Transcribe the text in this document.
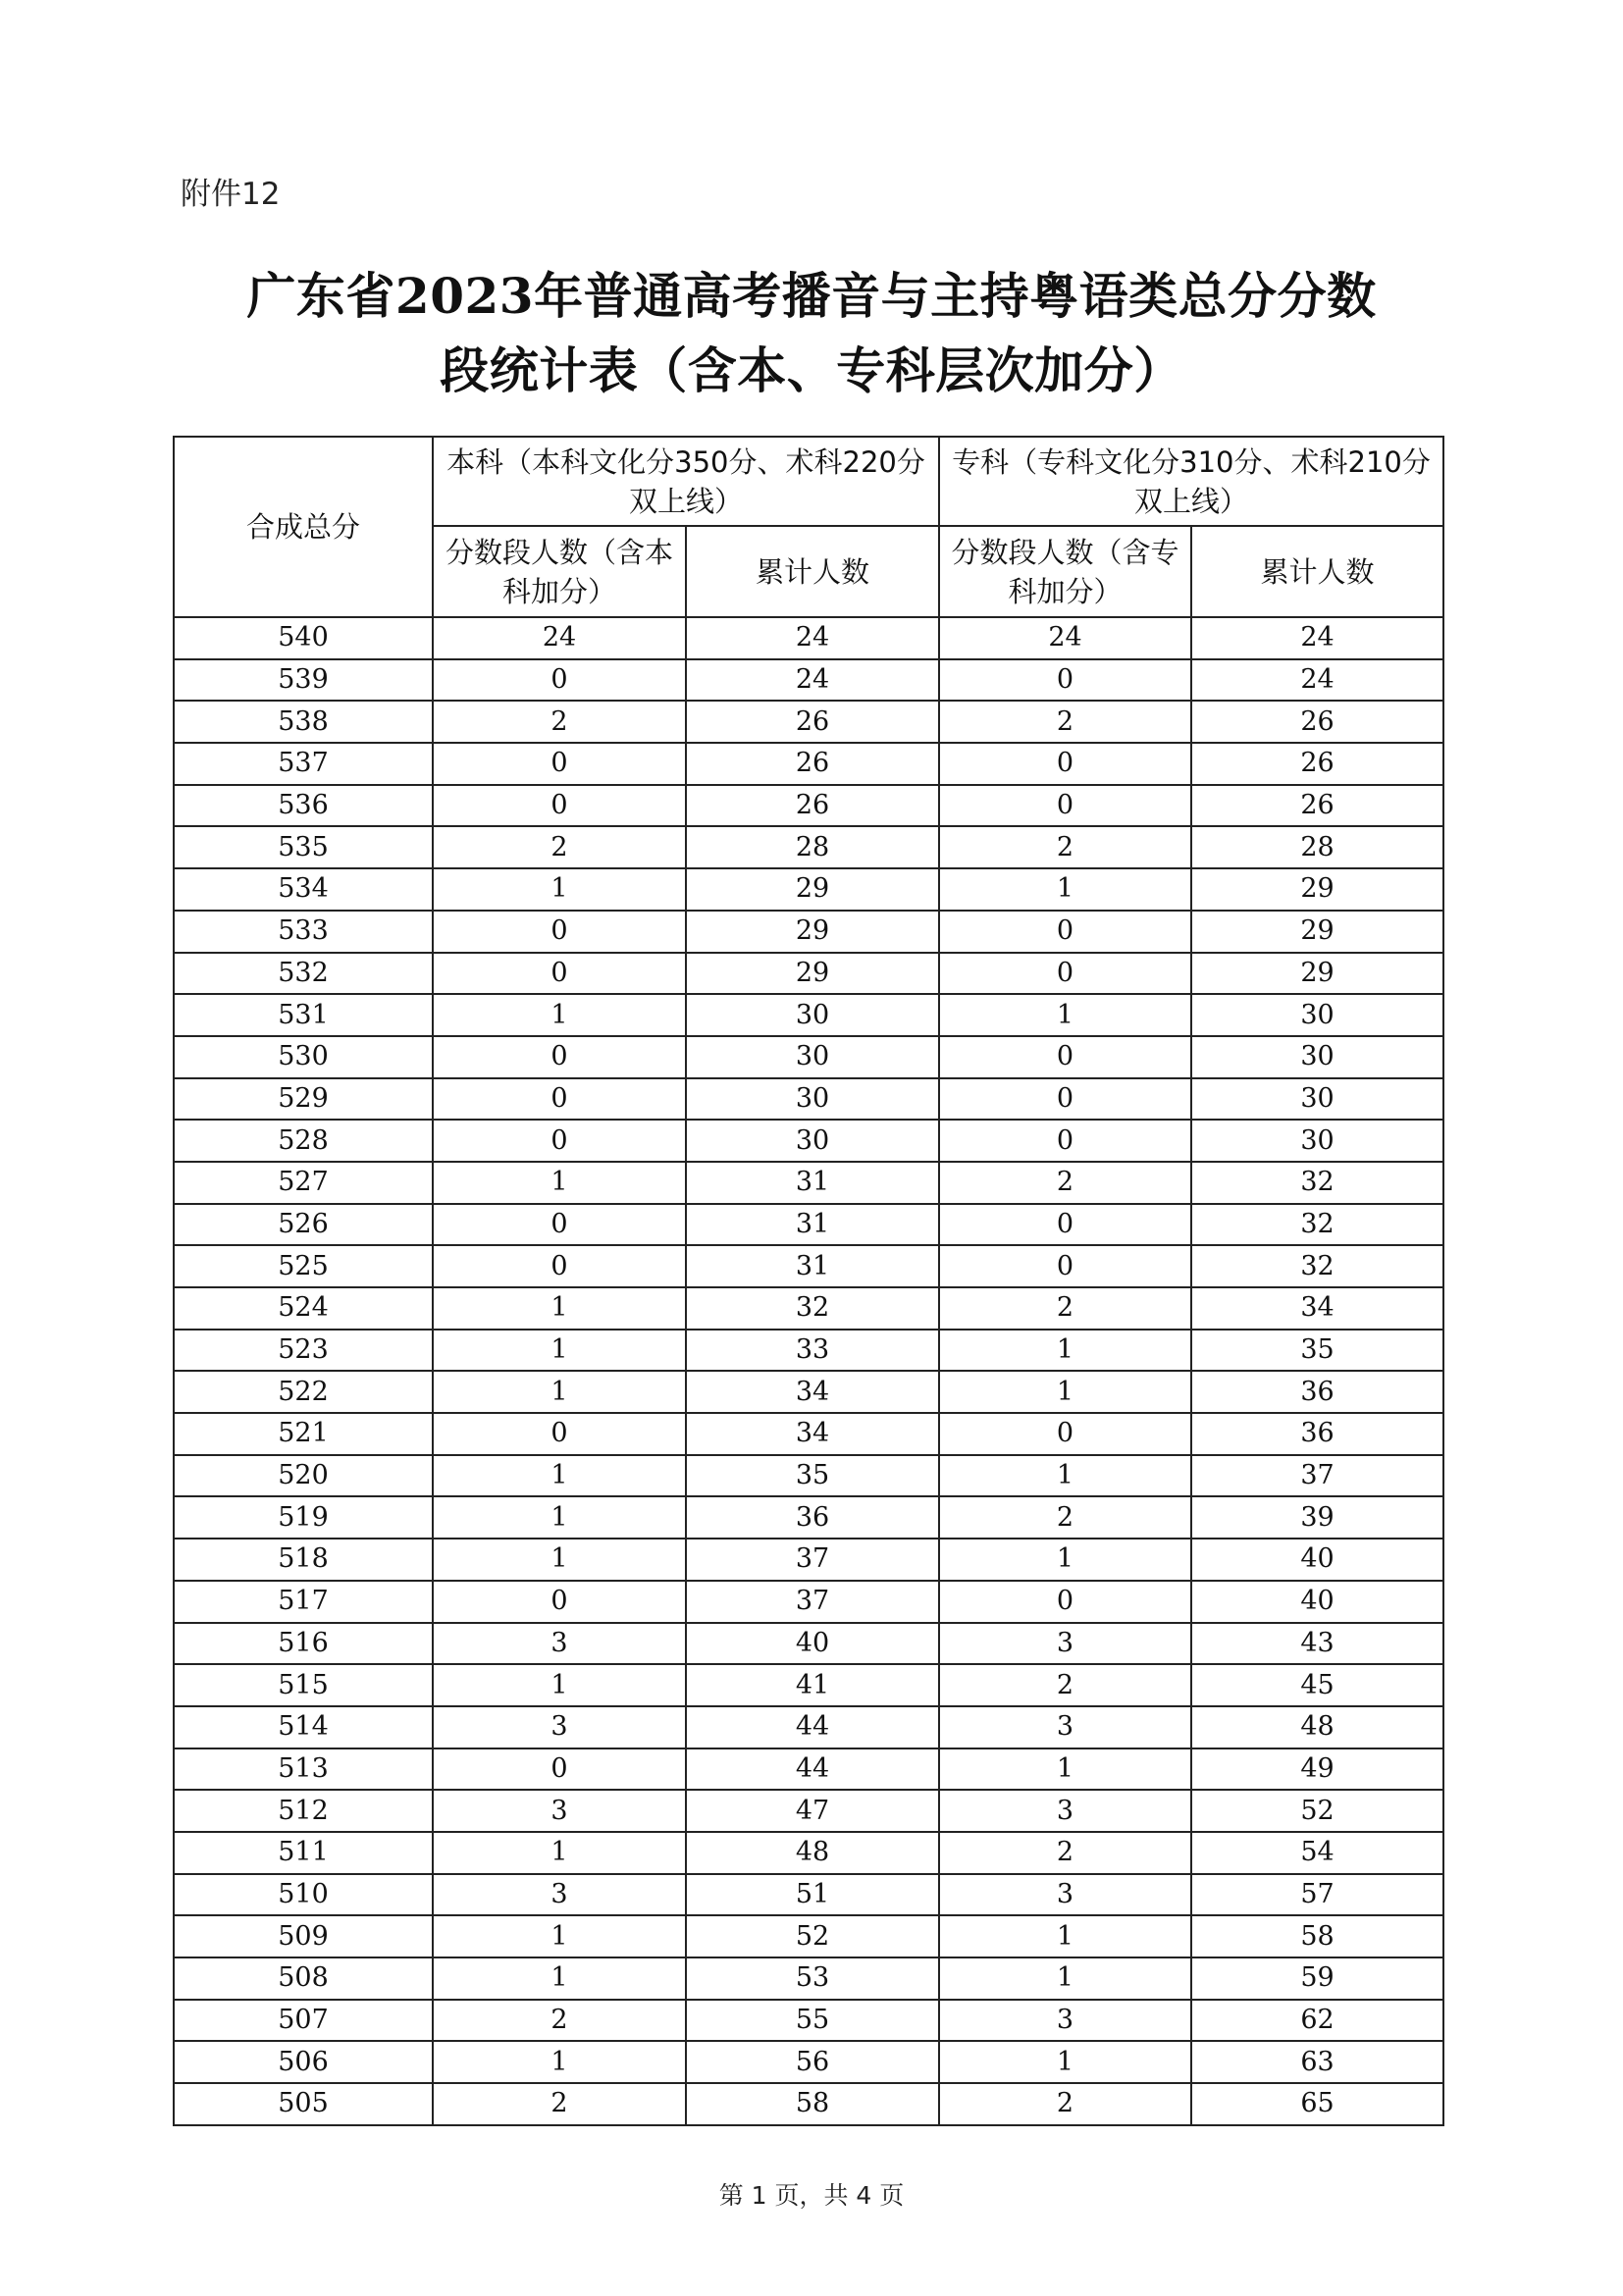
附件12
广东省2023年普通高考播音与主持粤语类总分分数
段统计表（含本、专科层次加分）
合成总分	本科（本科文化分350分、术科220分双上线）		专科（专科文化分310分、术科210分双上线）	
	分数段人数（含本科加分）	累计人数	分数段人数（含专科加分）	累计人数
540	24	24	24	24
539	0	24	0	24
538	2	26	2	26
537	0	26	0	26
536	0	26	0	26
535	2	28	2	28
534	1	29	1	29
533	0	29	0	29
532	0	29	0	29
531	1	30	1	30
530	0	30	0	30
529	0	30	0	30
528	0	30	0	30
527	1	31	2	32
526	0	31	0	32
525	0	31	0	32
524	1	32	2	34
523	1	33	1	35
522	1	34	1	36
521	0	34	0	36
520	1	35	1	37
519	1	36	2	39
518	1	37	1	40
517	0	37	0	40
516	3	40	3	43
515	1	41	2	45
514	3	44	3	48
513	0	44	1	49
512	3	47	3	52
511	1	48	2	54
510	3	51	3	57
509	1	52	1	58
508	1	53	1	59
507	2	55	3	62
506	1	56	1	63
505	2	58	2	65
第 1 页，共 4 页
